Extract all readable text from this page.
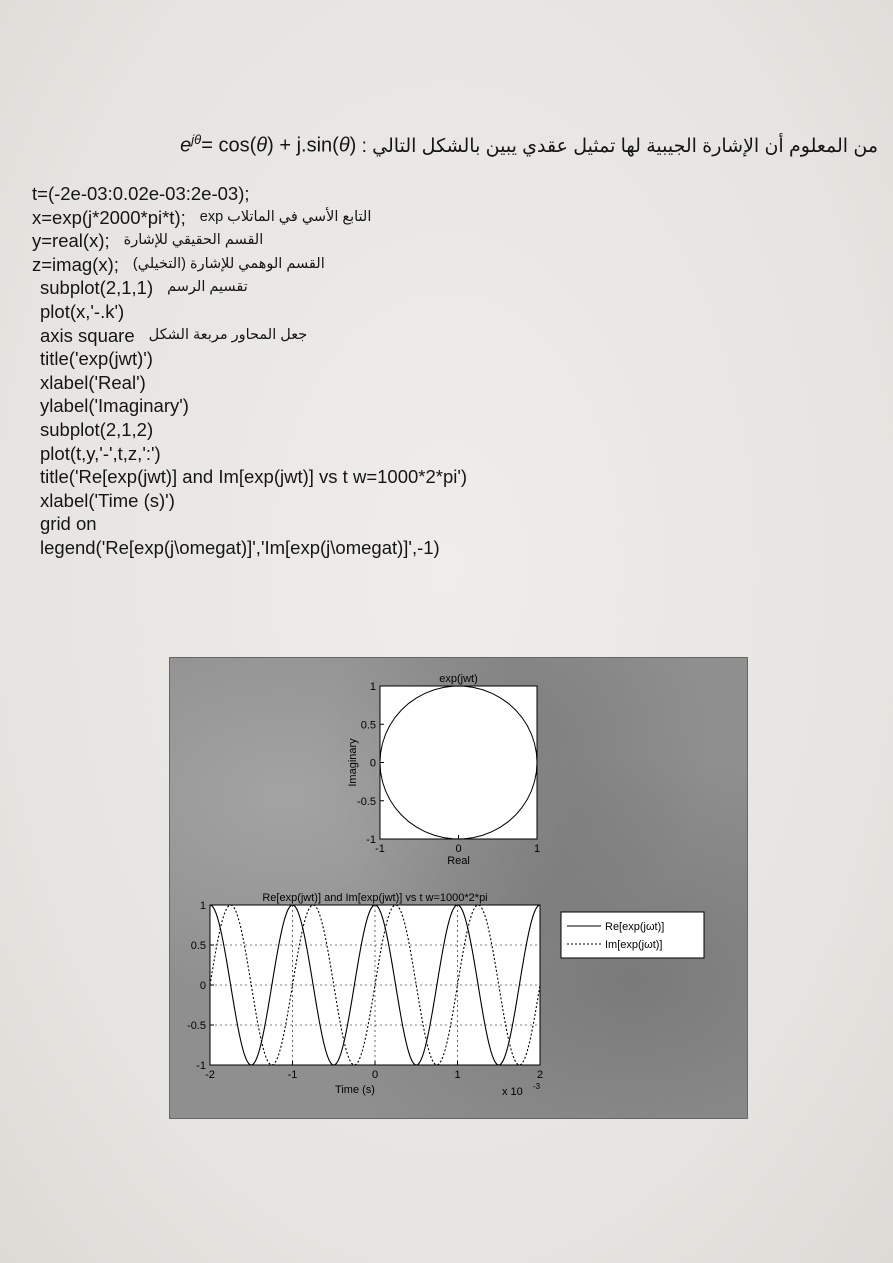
$e^{j\theta}= \cos(\theta) + j.\sin(\theta)$ من المعلوم أن الإشارة الجيبية لها تمثيل عقدي يبين بالشكل التالي :
t=(-2e-03:0.02e-03:2e-03);
x=exp(j*2000*pi*t); التابع الأسي في الماتلاب exp
y=real(x); القسم الحقيقي للإشارة
z=imag(x); القسم الوهمي للإشارة (التخيلي)
subplot(2,1,1) تقسيم الرسم
plot(x,'-.k')
axis square جعل المحاور مربعة الشكل
title('exp(jwt)')
xlabel('Real')
ylabel('Imaginary')
subplot(2,1,2)
plot(t,y,'-',t,z,':')
title('Re[exp(jwt)] and Im[exp(jwt)] vs t w=1000*2*pi')
xlabel('Time (s)')
grid on
legend('Re[exp(j\omegat)]','Im[exp(j\omegat)]',-1)
exp(jwt)
-1	0	1
1
0.5
0
-0.5
-1
Real
Imaginary
Re[exp(jwt)] and Im[exp(jwt)] vs t w=1000*2*pi
-2	-1	0	1	2
1
0.5
0
-0.5
-1
Time (s)	x 10 -3
Re[exp(jωt)]
Im[exp(jωt)]
